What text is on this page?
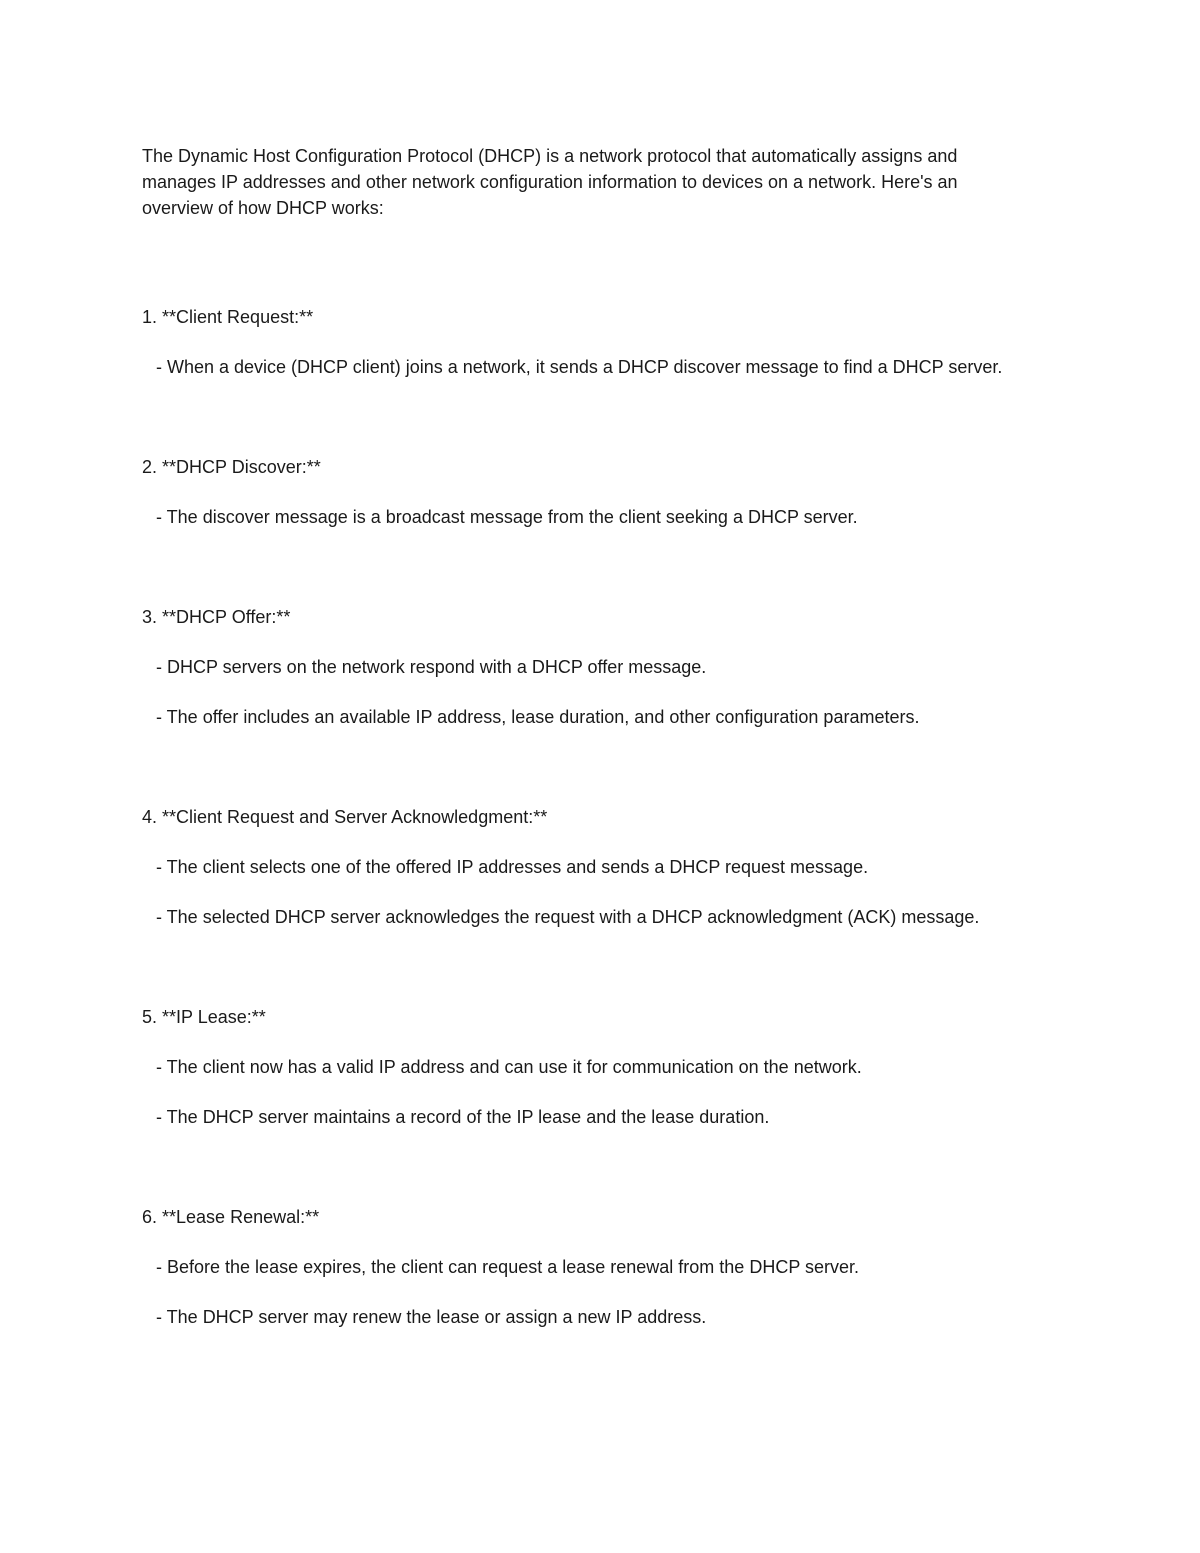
The Dynamic Host Configuration Protocol (DHCP) is a network protocol that automatically assigns and

manages IP addresses and other network configuration information to devices on a network. Here's an

overview of how DHCP works:

1. **Client Request:**

- When a device (DHCP client) joins a network, it sends a DHCP discover message to find a DHCP server.

2. **DHCP Discover:**

- The discover message is a broadcast message from the client seeking a DHCP server.

3. **DHCP Offer:**

- DHCP servers on the network respond with a DHCP offer message.

- The offer includes an available IP address, lease duration, and other configuration parameters.

4. **Client Request and Server Acknowledgment:**

- The client selects one of the offered IP addresses and sends a DHCP request message.

- The selected DHCP server acknowledges the request with a DHCP acknowledgment (ACK) message.

5. **IP Lease:**

- The client now has a valid IP address and can use it for communication on the network.

- The DHCP server maintains a record of the IP lease and the lease duration.

6. **Lease Renewal:**

- Before the lease expires, the client can request a lease renewal from the DHCP server.

- The DHCP server may renew the lease or assign a new IP address.
